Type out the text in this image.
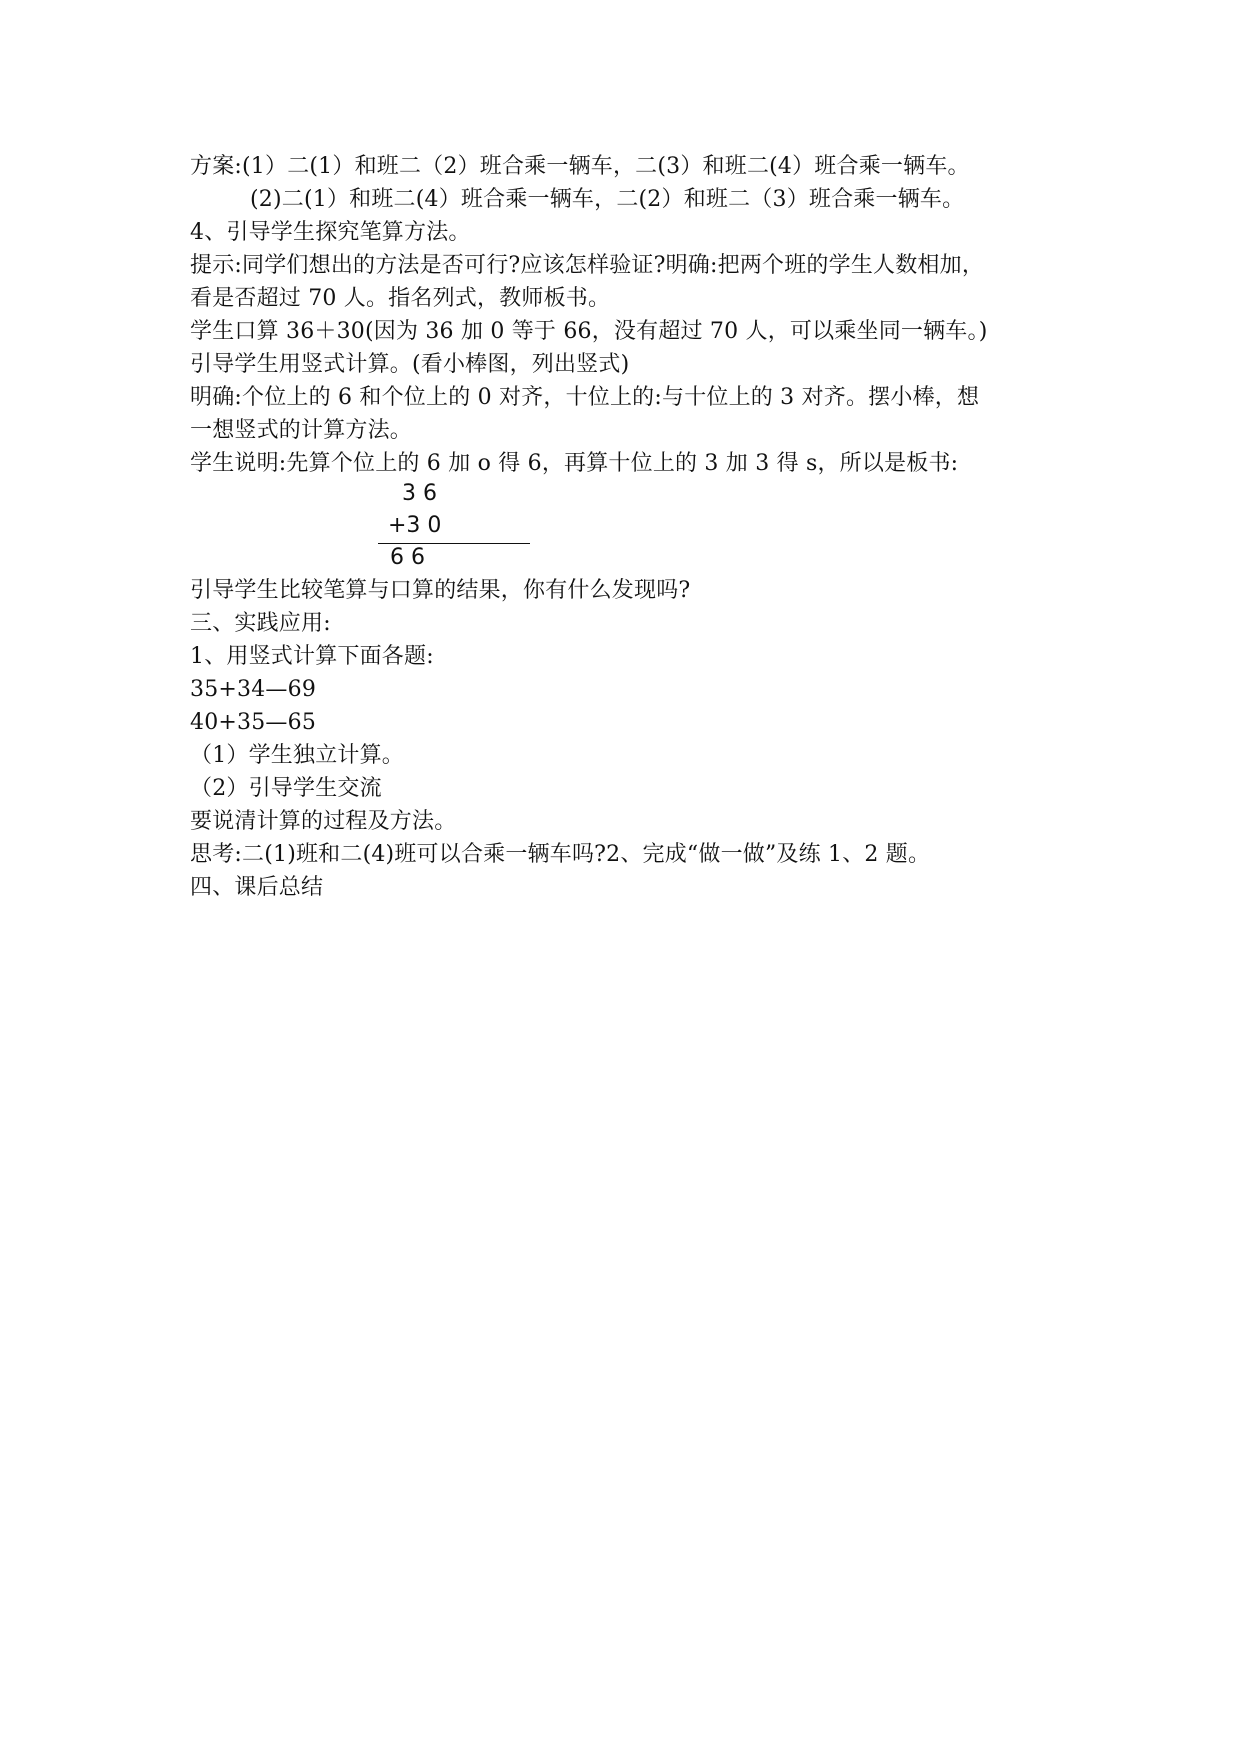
方案:(1）二(1）和班二（2）班合乘一辆车，二(3）和班二(4）班合乘一辆车。
(2)二(1）和班二(4）班合乘一辆车，二(2）和班二（3）班合乘一辆车。
4、引导学生探究笔算方法。
提示:同学们想出的方法是否可行?应该怎样验证?明确:把两个班的学生人数相加，
看是否超过 70 人。指名列式，教师板书。
学生口算 36＋30(因为 36 加 0 等于 66，没有超过 70 人，可以乘坐同一辆车。)
引导学生用竖式计算。(看小棒图，列出竖式)
明确:个位上的 6 和个位上的 0 对齐，十位上的:与十位上的 3 对齐。摆小棒，想
一想竖式的计算方法。
学生说明:先算个位上的 6 加 o 得 6，再算十位上的 3 加 3 得 s，所以是板书:
3 6
+3 0
6 6
引导学生比较笔算与口算的结果，你有什么发现吗?
三、实践应用:
1、用竖式计算下面各题:
35+34—69
40+35—65
（1）学生独立计算。
（2）引导学生交流
要说清计算的过程及方法。
思考:二(1)班和二(4)班可以合乘一辆车吗?2、完成“做一做”及练 1、2 题。
四、课后总结
